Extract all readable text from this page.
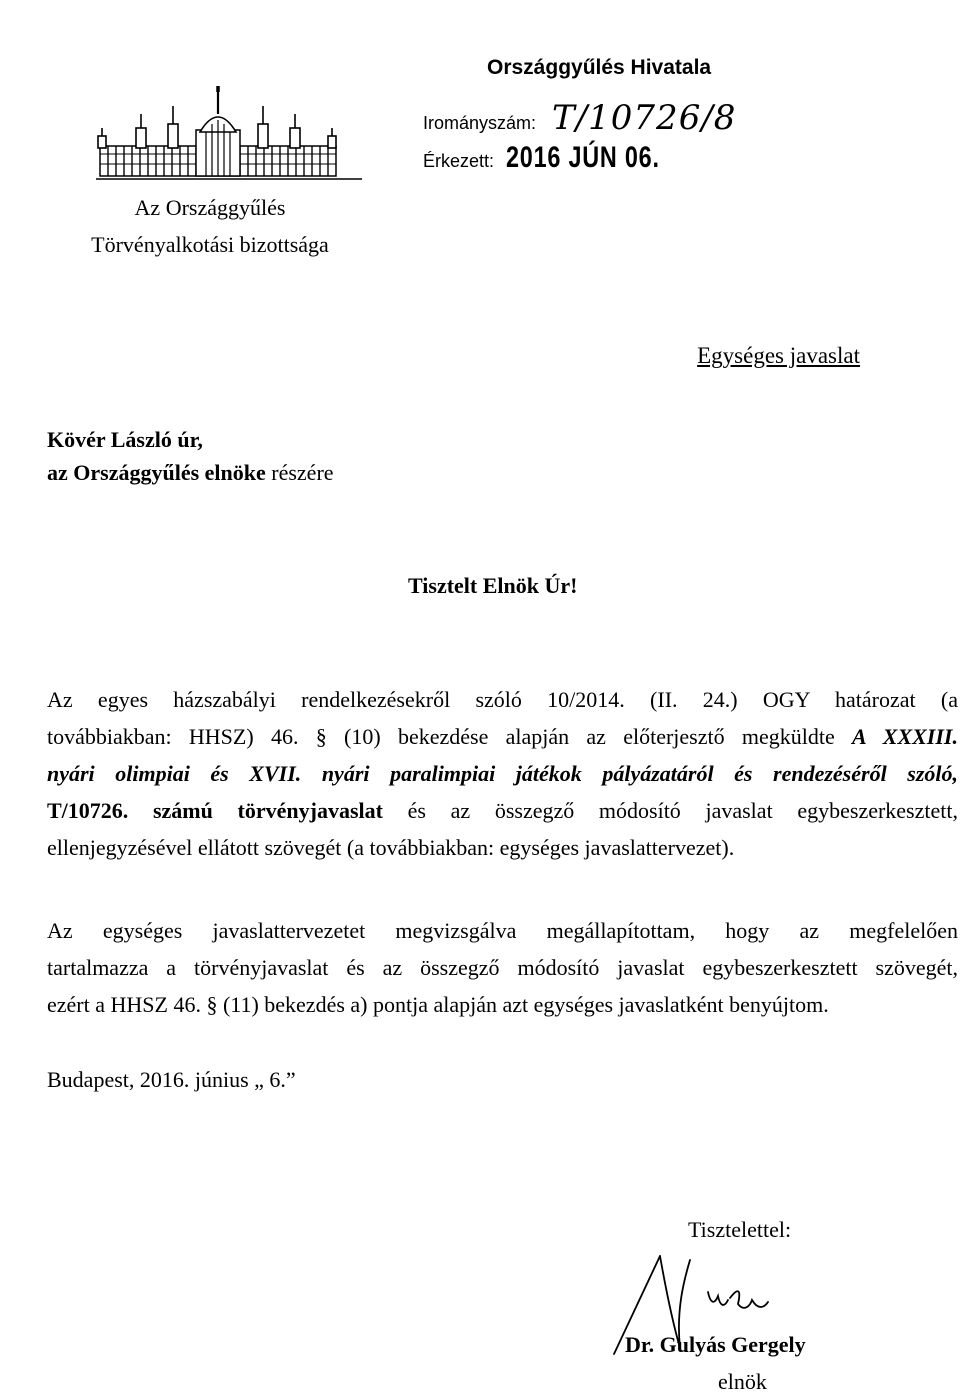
Országgyűlés Hivatala
Irományszám: T/10726/8
Érkezett: 2016 JÚN 06.
Az Országgyűlés
Törvényalkotási bizottsága
Egységes javaslat
Kövér László úr,
az Országgyűlés elnöke részére
Tisztelt Elnök Úr!
Az egyes házszabályi rendelkezésekről szóló 10/2014. (II. 24.) OGY határozat (a
továbbiakban: HHSZ) 46. § (10) bekezdése alapján az előterjesztő megküldte A XXXIII.
nyári olimpiai és XVII. nyári paralimpiai játékok pályázatáról és rendezéséről szóló,
T/10726. számú törvényjavaslat és az összegző módosító javaslat egybeszerkesztett,
ellenjegyzésével ellátott szövegét (a továbbiakban: egységes javaslattervezet).
Az egységes javaslattervezetet megvizsgálva megállapítottam, hogy az megfelelően
tartalmazza a törvényjavaslat és az összegző módosító javaslat egybeszerkesztett szövegét,
ezért a HHSZ 46. § (11) bekezdés a) pontja alapján azt egységes javaslatként benyújtom.
Budapest, 2016. június „ 6.”
Tisztelettel:
Dr. Gulyás Gergely
elnök
